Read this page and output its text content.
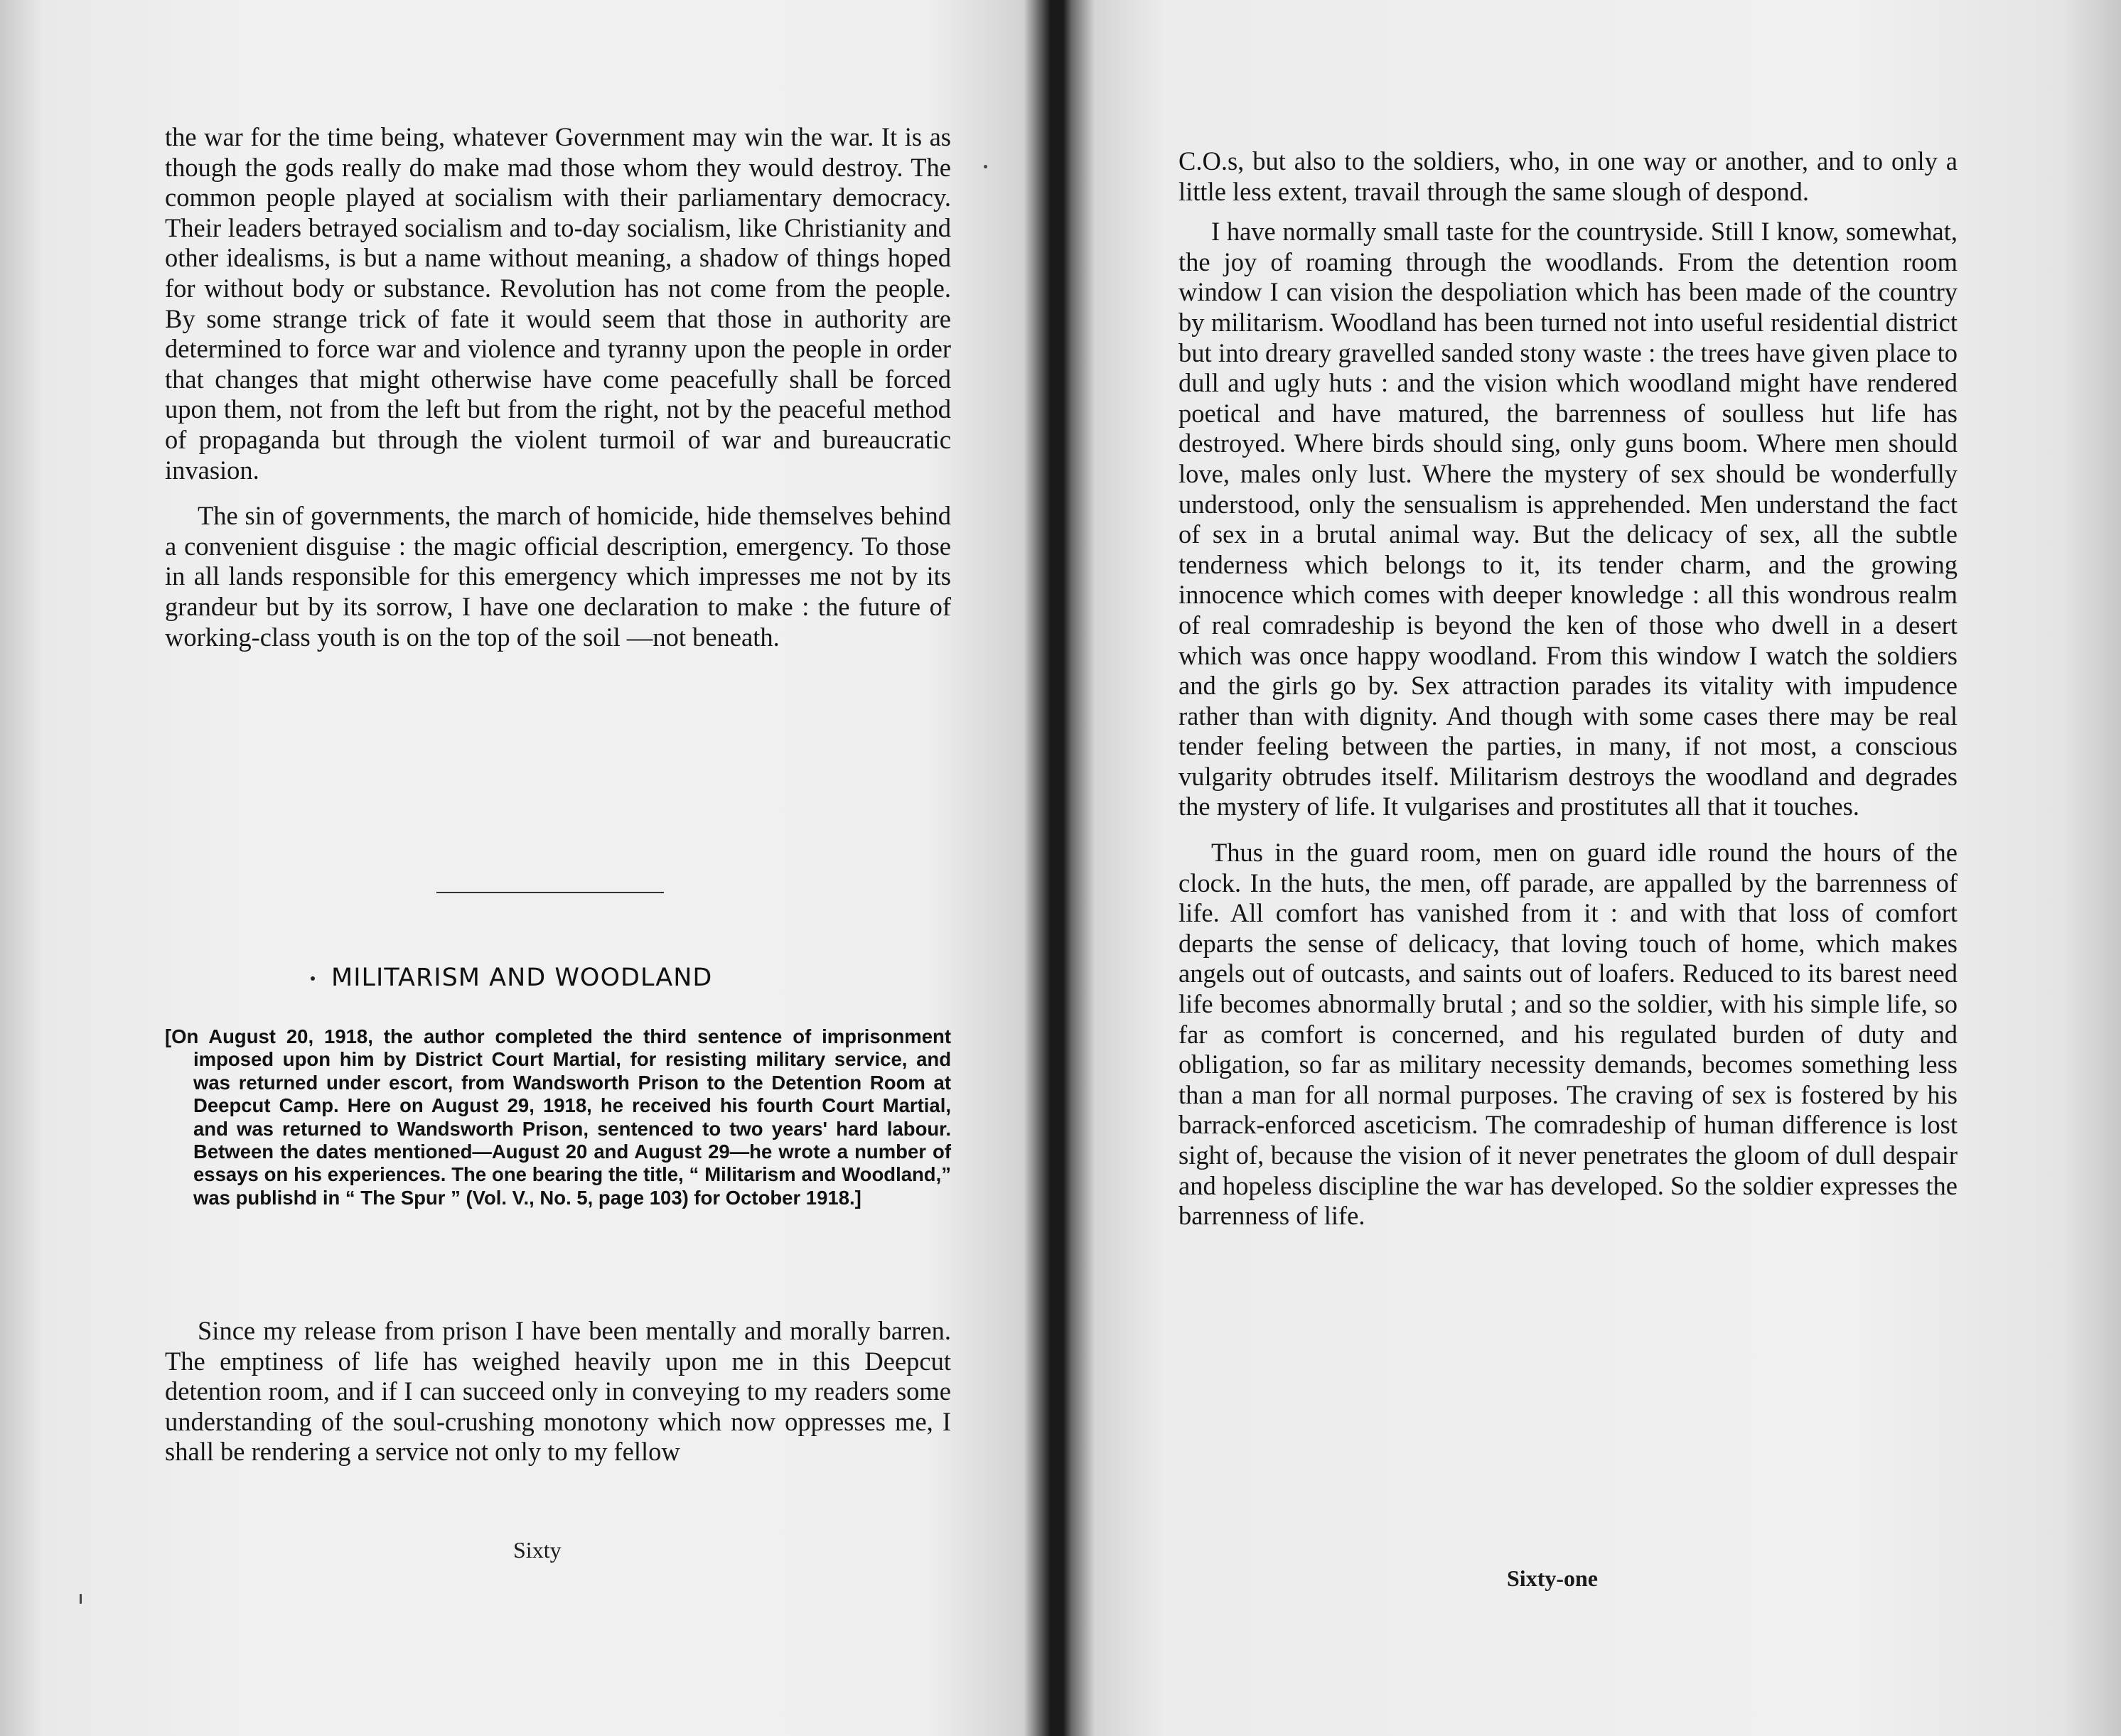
the war for the time being, whatever Government may win the war. It is as though the gods really do make mad those whom they would destroy. The common people played at socialism with their parliamentary democracy. Their leaders betrayed socialism and to-day socialism, like Christianity and other idealisms, is but a name without meaning, a shadow of things hoped for without body or substance. Revolution has not come from the people. By some strange trick of fate it would seem that those in authority are determined to force war and violence and tyranny upon the people in order that changes that might otherwise have come peacefully shall be forced upon them, not from the left but from the right, not by the peaceful method of propaganda but through the violent turmoil of war and bureaucratic invasion.

The sin of governments, the march of homicide, hide themselves behind a convenient disguise : the magic official description, emergency. To those in all lands responsible for this emergency which impresses me not by its grandeur but by its sorrow, I have one declaration to make : the future of working-class youth is on the top of the soil —not beneath.

MILITARISM AND WOODLAND
[On August 20, 1918, the author completed the third sentence of imprisonment imposed upon him by District Court Martial, for resisting military service, and was returned under escort, from Wandsworth Prison to the Detention Room at Deepcut Camp. Here on August 29, 1918, he received his fourth Court Martial, and was returned to Wandsworth Prison, sentenced to two years' hard labour. Between the dates mentioned—August 20 and August 29—he wrote a number of essays on his experiences. The one bearing the title, “ Militarism and Woodland,” was publishd in “ The Spur ” (Vol. V., No. 5, page 103) for October 1918.]

Since my release from prison I have been mentally and morally barren. The emptiness of life has weighed heavily upon me in this Deepcut detention room, and if I can succeed only in conveying to my readers some understanding of the soul-crushing monotony which now oppresses me, I shall be rendering a service not only to my fellow

Sixty

C.O.s, but also to the soldiers, who, in one way or another, and to only a little less extent, travail through the same slough of despond.

I have normally small taste for the countryside. Still I know, somewhat, the joy of roaming through the woodlands. From the detention room window I can vision the despoliation which has been made of the country by militarism. Woodland has been turned not into useful residential district but into dreary gravelled sanded stony waste : the trees have given place to dull and ugly huts : and the vision which woodland might have rendered poetical and have matured, the barrenness of soulless hut life has destroyed. Where birds should sing, only guns boom. Where men should love, males only lust. Where the mystery of sex should be wonderfully understood, only the sensualism is apprehended. Men understand the fact of sex in a brutal animal way. But the delicacy of sex, all the subtle tenderness which belongs to it, its tender charm, and the growing innocence which comes with deeper knowledge : all this wondrous realm of real comradeship is beyond the ken of those who dwell in a desert which was once happy woodland. From this window I watch the soldiers and the girls go by. Sex attraction parades its vitality with impudence rather than with dignity. And though with some cases there may be real tender feeling between the parties, in many, if not most, a conscious vulgarity obtrudes itself. Militarism destroys the woodland and degrades the mystery of life. It vulgarises and prostitutes all that it touches.

Thus in the guard room, men on guard idle round the hours of the clock. In the huts, the men, off parade, are appalled by the barrenness of life. All comfort has vanished from it : and with that loss of comfort departs the sense of delicacy, that loving touch of home, which makes angels out of outcasts, and saints out of loafers. Reduced to its barest need life becomes abnormally brutal ; and so the soldier, with his simple life, so far as comfort is concerned, and his regulated burden of duty and obligation, so far as military necessity demands, becomes something less than a man for all normal purposes. The craving of sex is fostered by his barrack-enforced asceticism. The comradeship of human difference is lost sight of, because the vision of it never penetrates the gloom of dull despair and hopeless discipline the war has developed. So the soldier expresses the barrenness of life.

Sixty-one
